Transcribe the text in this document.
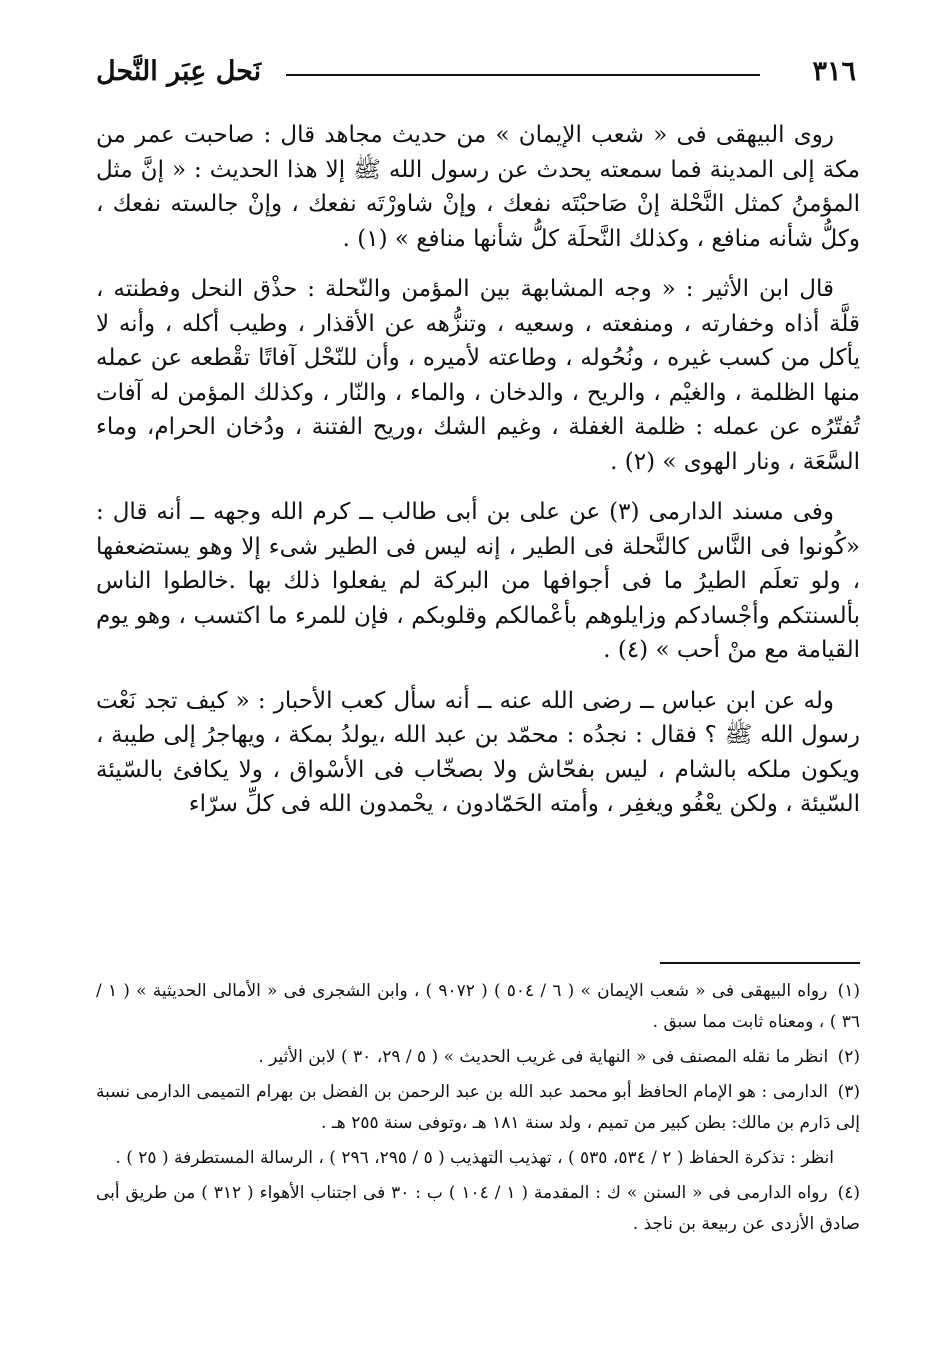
٣١٦
نَحل عِبَر النَّحل

روى البيهقى فى « شعب الإيمان » من حديث مجاهد قال : صاحبت عمر من مكة إلى المدينة فما سمعته يحدث عن رسول الله ﷺ إلا هذا الحديث : « إنَّ مثل المؤمنُ كمثل النَّحْلة إنْ صَاحبْتَه نفعك ، وإنْ شاورْتَه نفعك ، وإنْ جالسته نفعك ، وكلُّ شأنه منافع ، وكذلك النَّحلَة كلُّ شأنها منافع » (١) .

قال ابن الأثير : « وجه المشابهة بين المؤمن والنّحلة : حذْق النحل وفطنته ، قلَّة أذاه وخفارته ، ومنفعته ، وسعيه ، وتنزُّهه عن الأقذار ، وطيب أكله ، وأنه لا يأكل من كسب غيره ، ونُحُوله ، وطاعته لأميره ، وأن للنّحْل آفاتًا تقْطعه عن عمله منها الظلمة ، والغيْم ، والريح ، والدخان ، والماء ، والنّار ، وكذلك المؤمن له آفات تُفتّرُه عن عمله : ظلمة الغفلة ، وغيم الشك ،وريح الفتنة ، ودُخان الحرام، وماء السَّعَة ، ونار الهوى » (٢) .

وفى مسند الدارمى (٣) عن على بن أبى طالب ــ كرم الله وجهه ــ أنه قال : «كُونوا فى النَّاس كالنَّحلة فى الطير ، إنه ليس فى الطير شىء إلا وهو يستضعفها ، ولو تعلَم الطيرُ ما فى أجوافها من البركة لم يفعلوا ذلك بها .خالطوا الناس بألسنتكم وأجْسادكم وزايلوهم بأعْمالكم وقلوبكم ، فإن للمرء ما اكتسب ، وهو يوم القيامة مع منْ أحب » (٤) .

وله عن ابن عباس ــ رضى الله عنه ــ أنه سأل كعب الأحبار : « كيف تجد نَعْت رسول الله ﷺ ؟ فقال : نجدُه : محمّد بن عبد الله ،يولدُ بمكة ، ويهاجرُ إلى طيبة ، ويكون ملكه بالشام ، ليس بفحّاش ولا بصخّاب فى الأسْواق ، ولا يكافئ بالسّيئة السّيئة ، ولكن يعْفُو ويغفِر ، وأمته الحَمّادون ، يحْمدون الله فى كلِّ سرّاء

(١) رواه البيهقى فى « شعب الإيمان » ( ٦ / ٥٠٤ ) ( ٩٠٧٢ ) ، وابن الشجرى فى « الأمالى الحديثية » ( ١ / ٣٦ ) ، ومعناه ثابت مما سبق .

(٢) انظر ما نقله المصنف فى « النهاية فى غريب الحديث » ( ٥ / ٢٩، ٣٠ ) لابن الأثير .

(٣) الدارمى : هو الإمام الحافظ أبو محمد عبد الله بن عبد الرحمن بن الفضل بن بهرام التميمى الدارمى نسبة إلى دَارم بن مالك: بطن كبير من تميم ، ولد سنة ١٨١ هـ ،وتوفى سنة ٢٥٥ هـ .

انظر : تذكرة الحفاظ ( ٢ / ٥٣٤، ٥٣٥ ) ، تهذيب التهذيب ( ٥ / ٢٩٥، ٢٩٦ ) ، الرسالة المستطرفة ( ٢٥ ) .

(٤) رواه الدارمى فى « السنن » ك : المقدمة ( ١ / ١٠٤ ) ب : ٣٠ فى اجتناب الأهواء ( ٣١٢ ) من طريق أبى صادق الأزدى عن ربيعة بن ناجذ .
